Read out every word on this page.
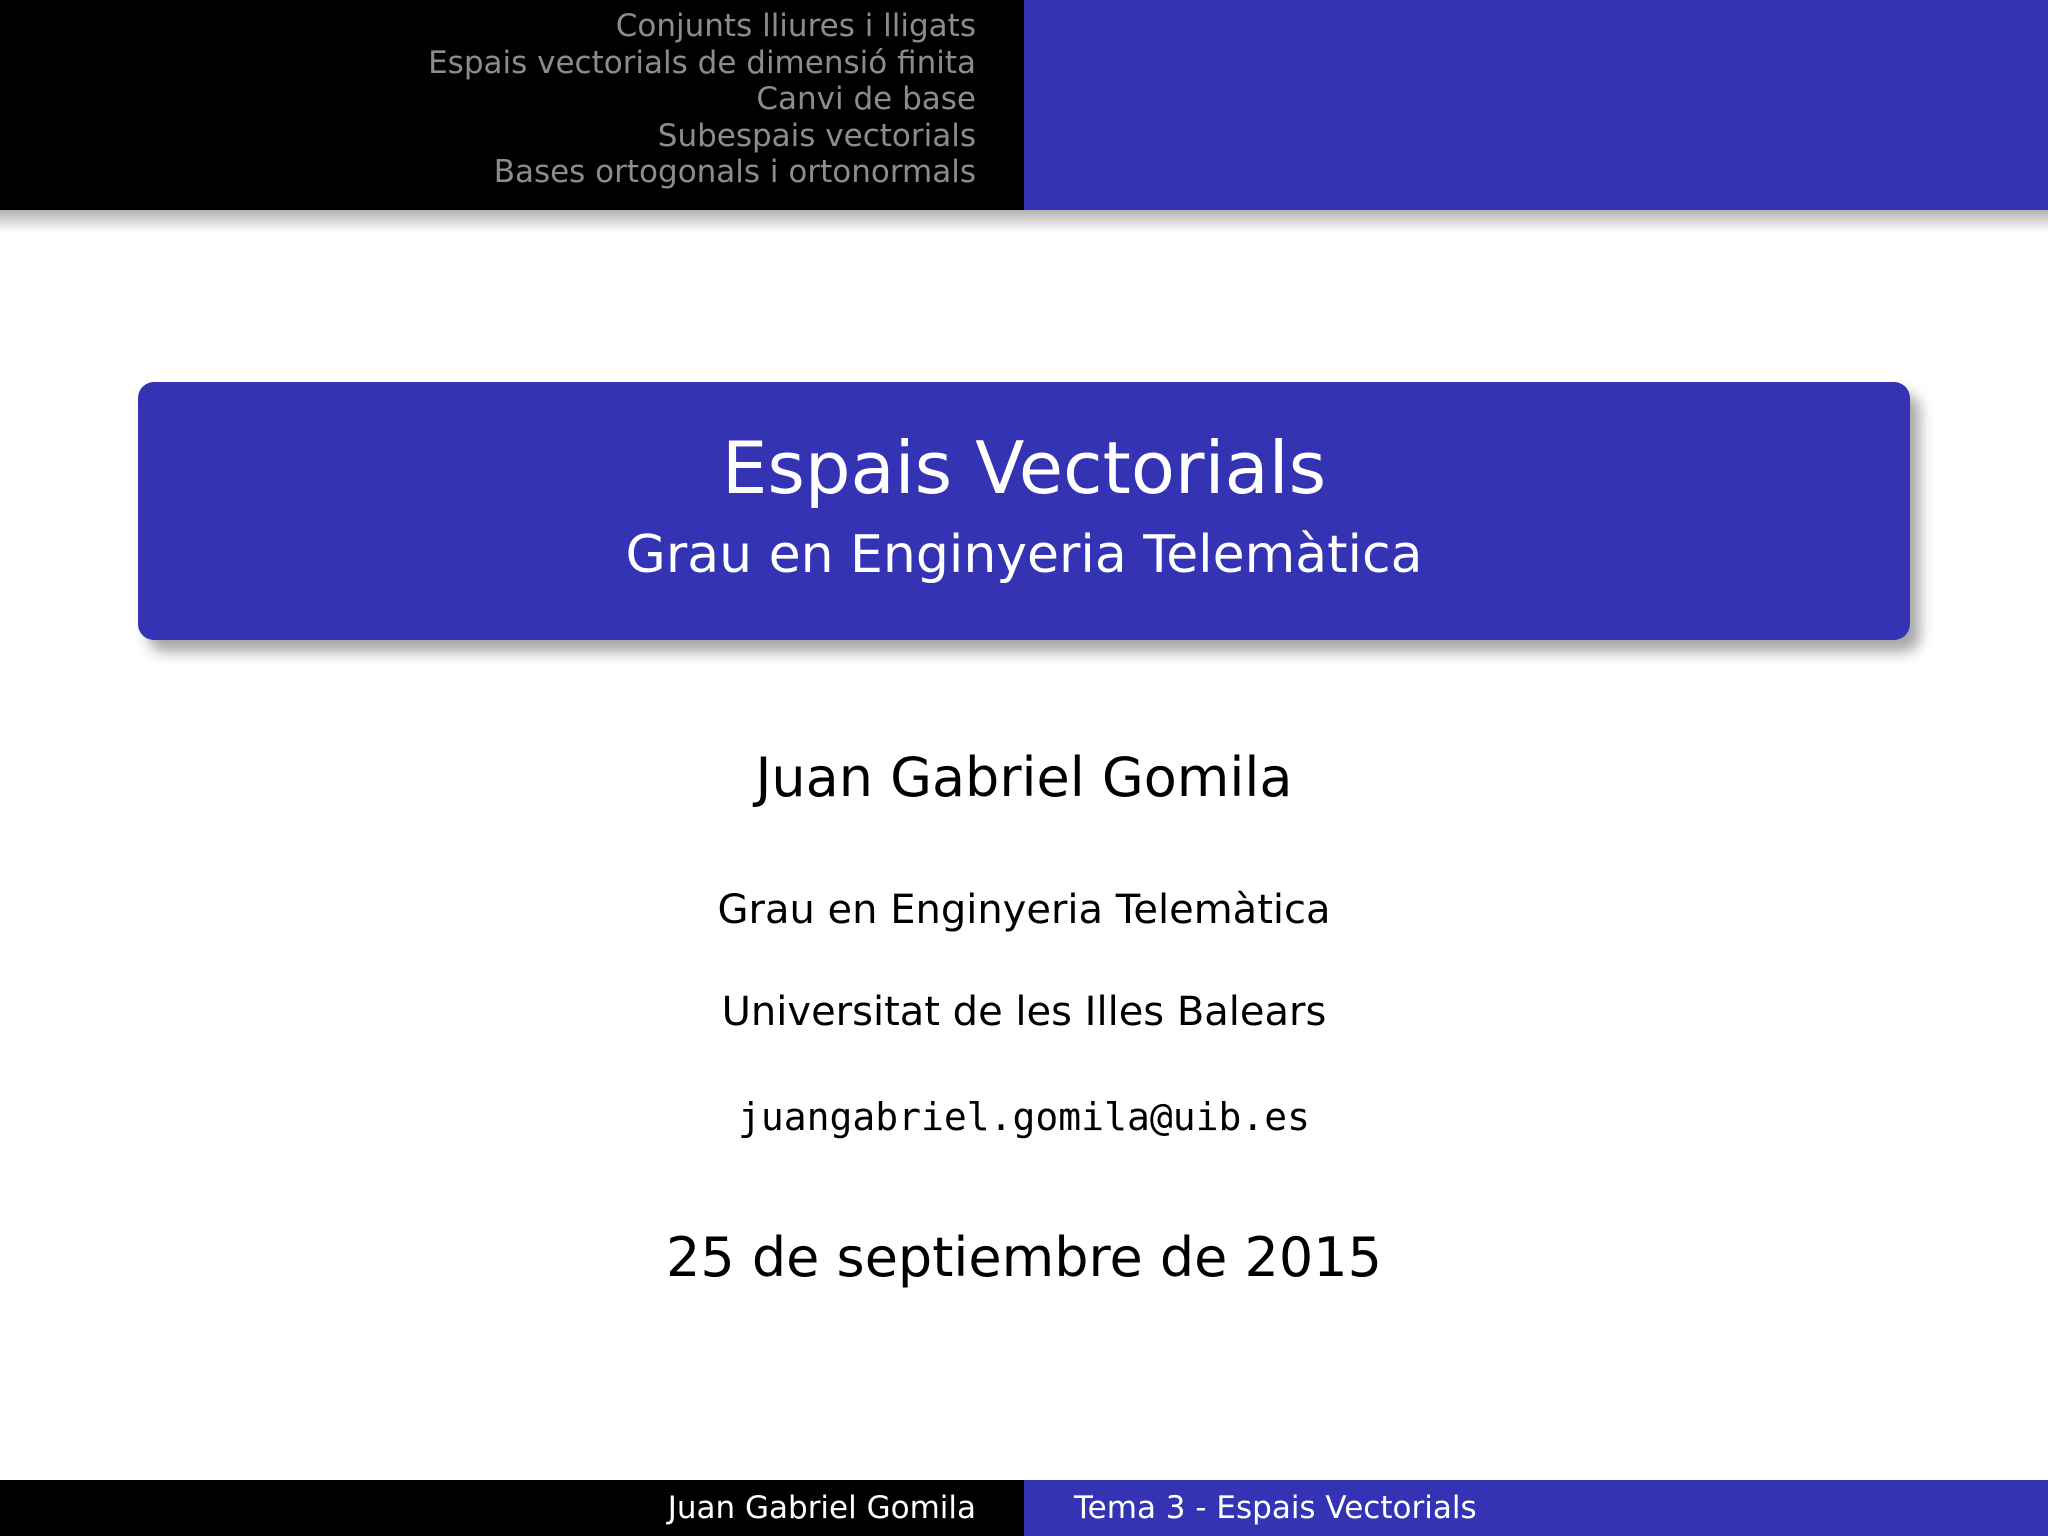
Conjunts lliures i lligats
Espais vectorials de dimensió finita
Canvi de base
Subespais vectorials
Bases ortogonals i ortonormals
Espais Vectorials
Grau en Enginyeria Telemàtica
Juan Gabriel Gomila
Grau en Enginyeria Telemàtica
Universitat de les Illes Balears
juangabriel.gomila@uib.es
25 de septiembre de 2015
Juan Gabriel Gomila	Tema 3 - Espais Vectorials
